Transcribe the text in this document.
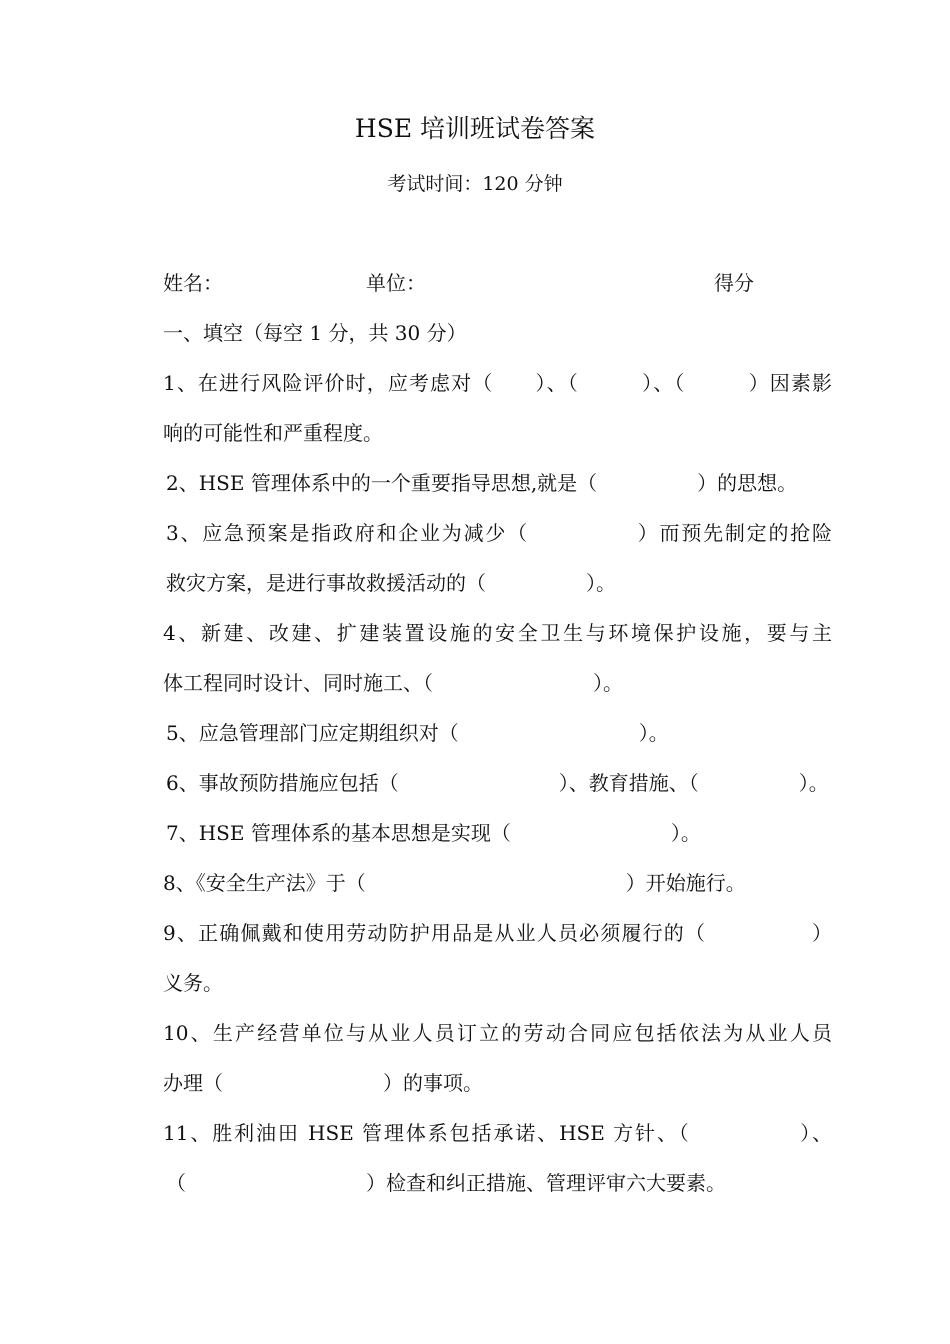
HSE 培训班试卷答案
考试时间：120 分钟
姓名：	单位：	得分
一、填空（每空 1 分，共 30 分）
1、在进行风险评价时，应考虑对（　　）、（　　　）、（　　　）因素影
响的可能性和严重程度。
2、HSE 管理体系中的一个重要指导思想,就是（　　　　　）的思想。
3、应急预案是指政府和企业为减少（　　　　　）而预先制定的抢险
救灾方案，是进行事故救援活动的（　　　　　）。
4、新建、改建、扩建装置设施的安全卫生与环境保护设施，要与主
体工程同时设计、同时施工、（　　　　　　　　）。
5、应急管理部门应定期组织对（　　　　　　　　　）。
6、事故预防措施应包括（　　　　　　　　）、教育措施、（　　　　　）。
7、HSE 管理体系的基本思想是实现（　　　　　　　　）。
8、《安全生产法》于（　　　　　　　　　　　　　）开始施行。
9、正确佩戴和使用劳动防护用品是从业人员必须履行的（　　　　　）
义务。
10、生产经营单位与从业人员订立的劳动合同应包括依法为从业人员
办理（　　　　　　　　）的事项。
11、胜利油田 HSE 管理体系包括承诺、HSE 方针、（　　　　　）、
（　　　　　　　　　）检查和纠正措施、管理评审六大要素。
